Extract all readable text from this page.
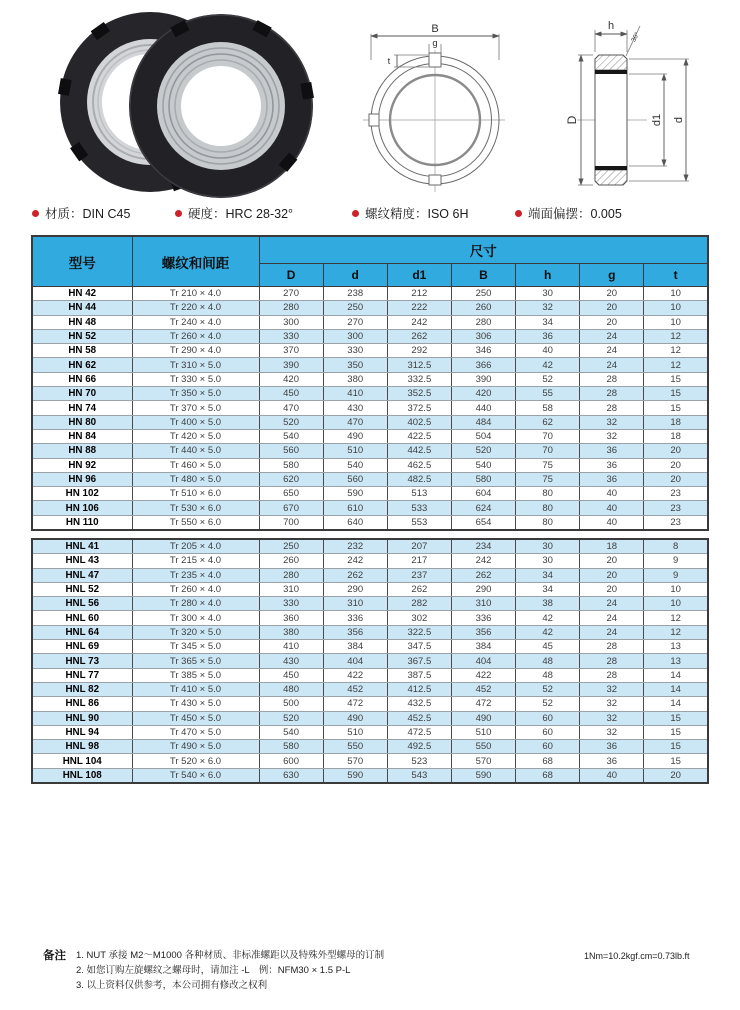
B
g
t
h
30°
D	d1 d
材质：DIN C45	硬度：HRC 28-32°	螺纹精度：ISO 6H	端面偏摆：0.005
型号	螺纹和间距	尺寸						
		D	d	d1	B	h	g	t
HN 42	Tr 210 × 4.0	270	238	212	250	30	20	10
HN 44	Tr 220 × 4.0	280	250	222	260	32	20	10
HN 48	Tr 240 × 4.0	300	270	242	280	34	20	10
HN 52	Tr 260 × 4.0	330	300	262	306	36	24	12
HN 58	Tr 290 × 4.0	370	330	292	346	40	24	12
HN 62	Tr 310 × 5.0	390	350	312.5	366	42	24	12
HN 66	Tr 330 × 5.0	420	380	332.5	390	52	28	15
HN 70	Tr 350 × 5.0	450	410	352.5	420	55	28	15
HN 74	Tr 370 × 5.0	470	430	372.5	440	58	28	15
HN 80	Tr 400 × 5.0	520	470	402.5	484	62	32	18
HN 84	Tr 420 × 5.0	540	490	422.5	504	70	32	18
HN 88	Tr 440 × 5.0	560	510	442.5	520	70	36	20
HN 92	Tr 460 × 5.0	580	540	462.5	540	75	36	20
HN 96	Tr 480 × 5.0	620	560	482.5	580	75	36	20
HN 102	Tr 510 × 6.0	650	590	513	604	80	40	23
HN 106	Tr 530 × 6.0	670	610	533	624	80	40	23
HN 110	Tr 550 × 6.0	700	640	553	654	80	40	23
HNL 41	Tr 205 × 4.0	250	232	207	234	30	18	8
HNL 43	Tr 215 × 4.0	260	242	217	242	30	20	9
HNL 47	Tr 235 × 4.0	280	262	237	262	34	20	9
HNL 52	Tr 260 × 4.0	310	290	262	290	34	20	10
HNL 56	Tr 280 × 4.0	330	310	282	310	38	24	10
HNL 60	Tr 300 × 4.0	360	336	302	336	42	24	12
HNL 64	Tr 320 × 5.0	380	356	322.5	356	42	24	12
HNL 69	Tr 345 × 5.0	410	384	347.5	384	45	28	13
HNL 73	Tr 365 × 5.0	430	404	367.5	404	48	28	13
HNL 77	Tr 385 × 5.0	450	422	387.5	422	48	28	14
HNL 82	Tr 410 × 5.0	480	452	412.5	452	52	32	14
HNL 86	Tr 430 × 5.0	500	472	432.5	472	52	32	14
HNL 90	Tr 450 × 5.0	520	490	452.5	490	60	32	15
HNL 94	Tr 470 × 5.0	540	510	472.5	510	60	32	15
HNL 98	Tr 490 × 5.0	580	550	492.5	550	60	36	15
HNL 104	Tr 520 × 6.0	600	570	523	570	68	36	15
HNL 108	Tr 540 × 6.0	630	590	543	590	68	40	20
备注 1. NUT 承接 M2～M1000 各种材质、非标准螺距以及特殊外型螺母的订制
2. 如您订购左旋螺纹之螺母时，请加注 -L　例：NFM30 × 1.5 P-L
3. 以上资料仅供参考，本公司拥有修改之权利
1Nm=10.2kgf.cm=0.73lb.ft
